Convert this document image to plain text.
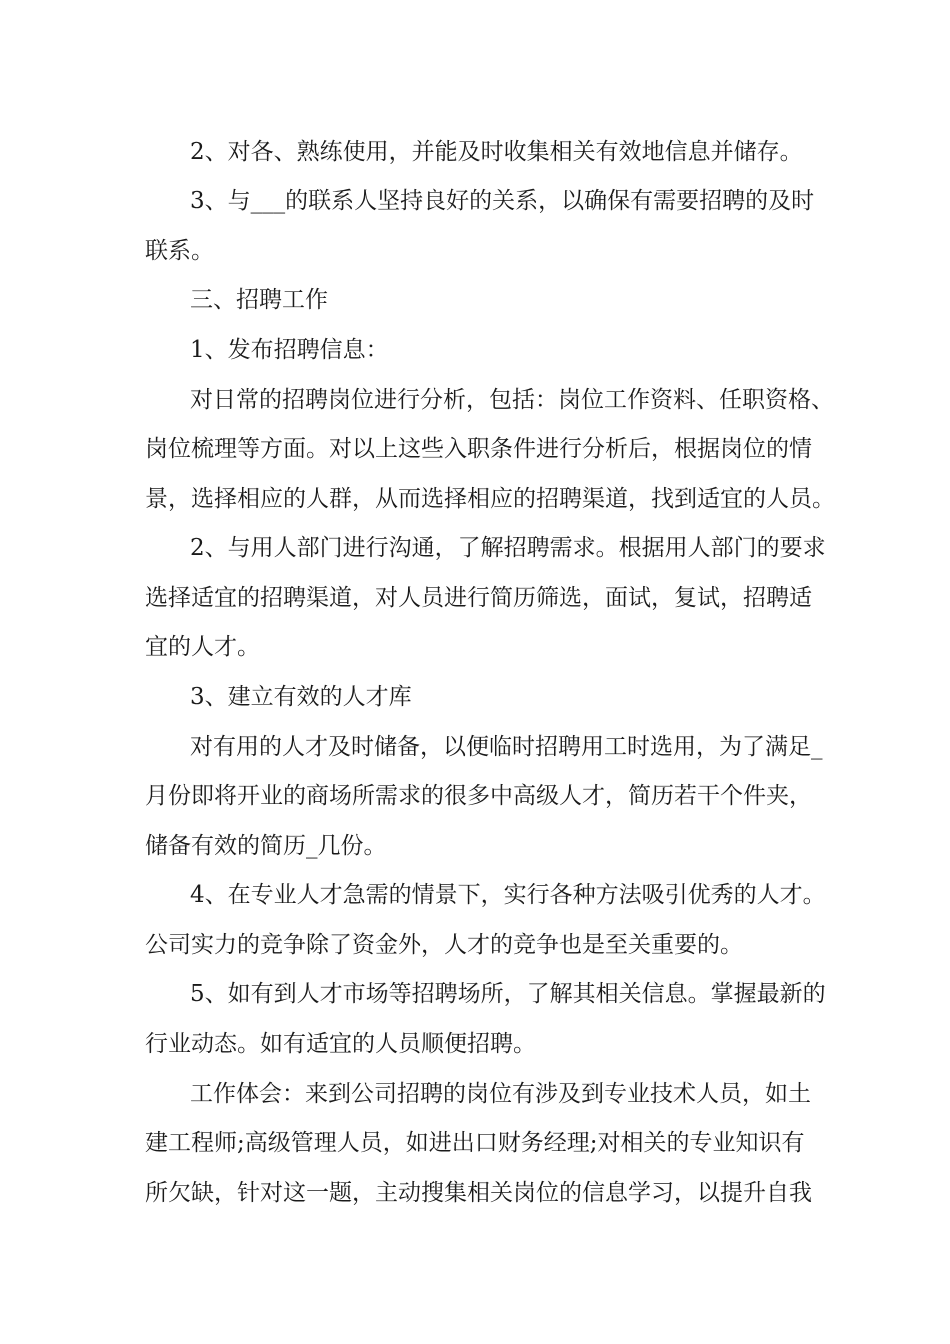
2、对各、熟练使用，并能及时收集相关有效地信息并储存。
3、与___的联系人坚持良好的关系，以确保有需要招聘的及时
联系。
三、招聘工作
1、发布招聘信息：
对日常的招聘岗位进行分析，包括：岗位工作资料、任职资格、
岗位梳理等方面。对以上这些入职条件进行分析后，根据岗位的情
景，选择相应的人群，从而选择相应的招聘渠道，找到适宜的人员。
2、与用人部门进行沟通，了解招聘需求。根据用人部门的要求
选择适宜的招聘渠道，对人员进行简历筛选，面试，复试，招聘适
宜的人才。
3、建立有效的人才库
对有用的人才及时储备，以便临时招聘用工时选用，为了满足_
月份即将开业的商场所需求的很多中高级人才，简历若干个件夹，
储备有效的简历_几份。
4、在专业人才急需的情景下，实行各种方法吸引优秀的人才。
公司实力的竞争除了资金外，人才的竞争也是至关重要的。
5、如有到人才市场等招聘场所，了解其相关信息。掌握最新的
行业动态。如有适宜的人员顺便招聘。
工作体会：来到公司招聘的岗位有涉及到专业技术人员，如土
建工程师;高级管理人员，如进出口财务经理;对相关的专业知识有
所欠缺，针对这一题，主动搜集相关岗位的信息学习，以提升自我
